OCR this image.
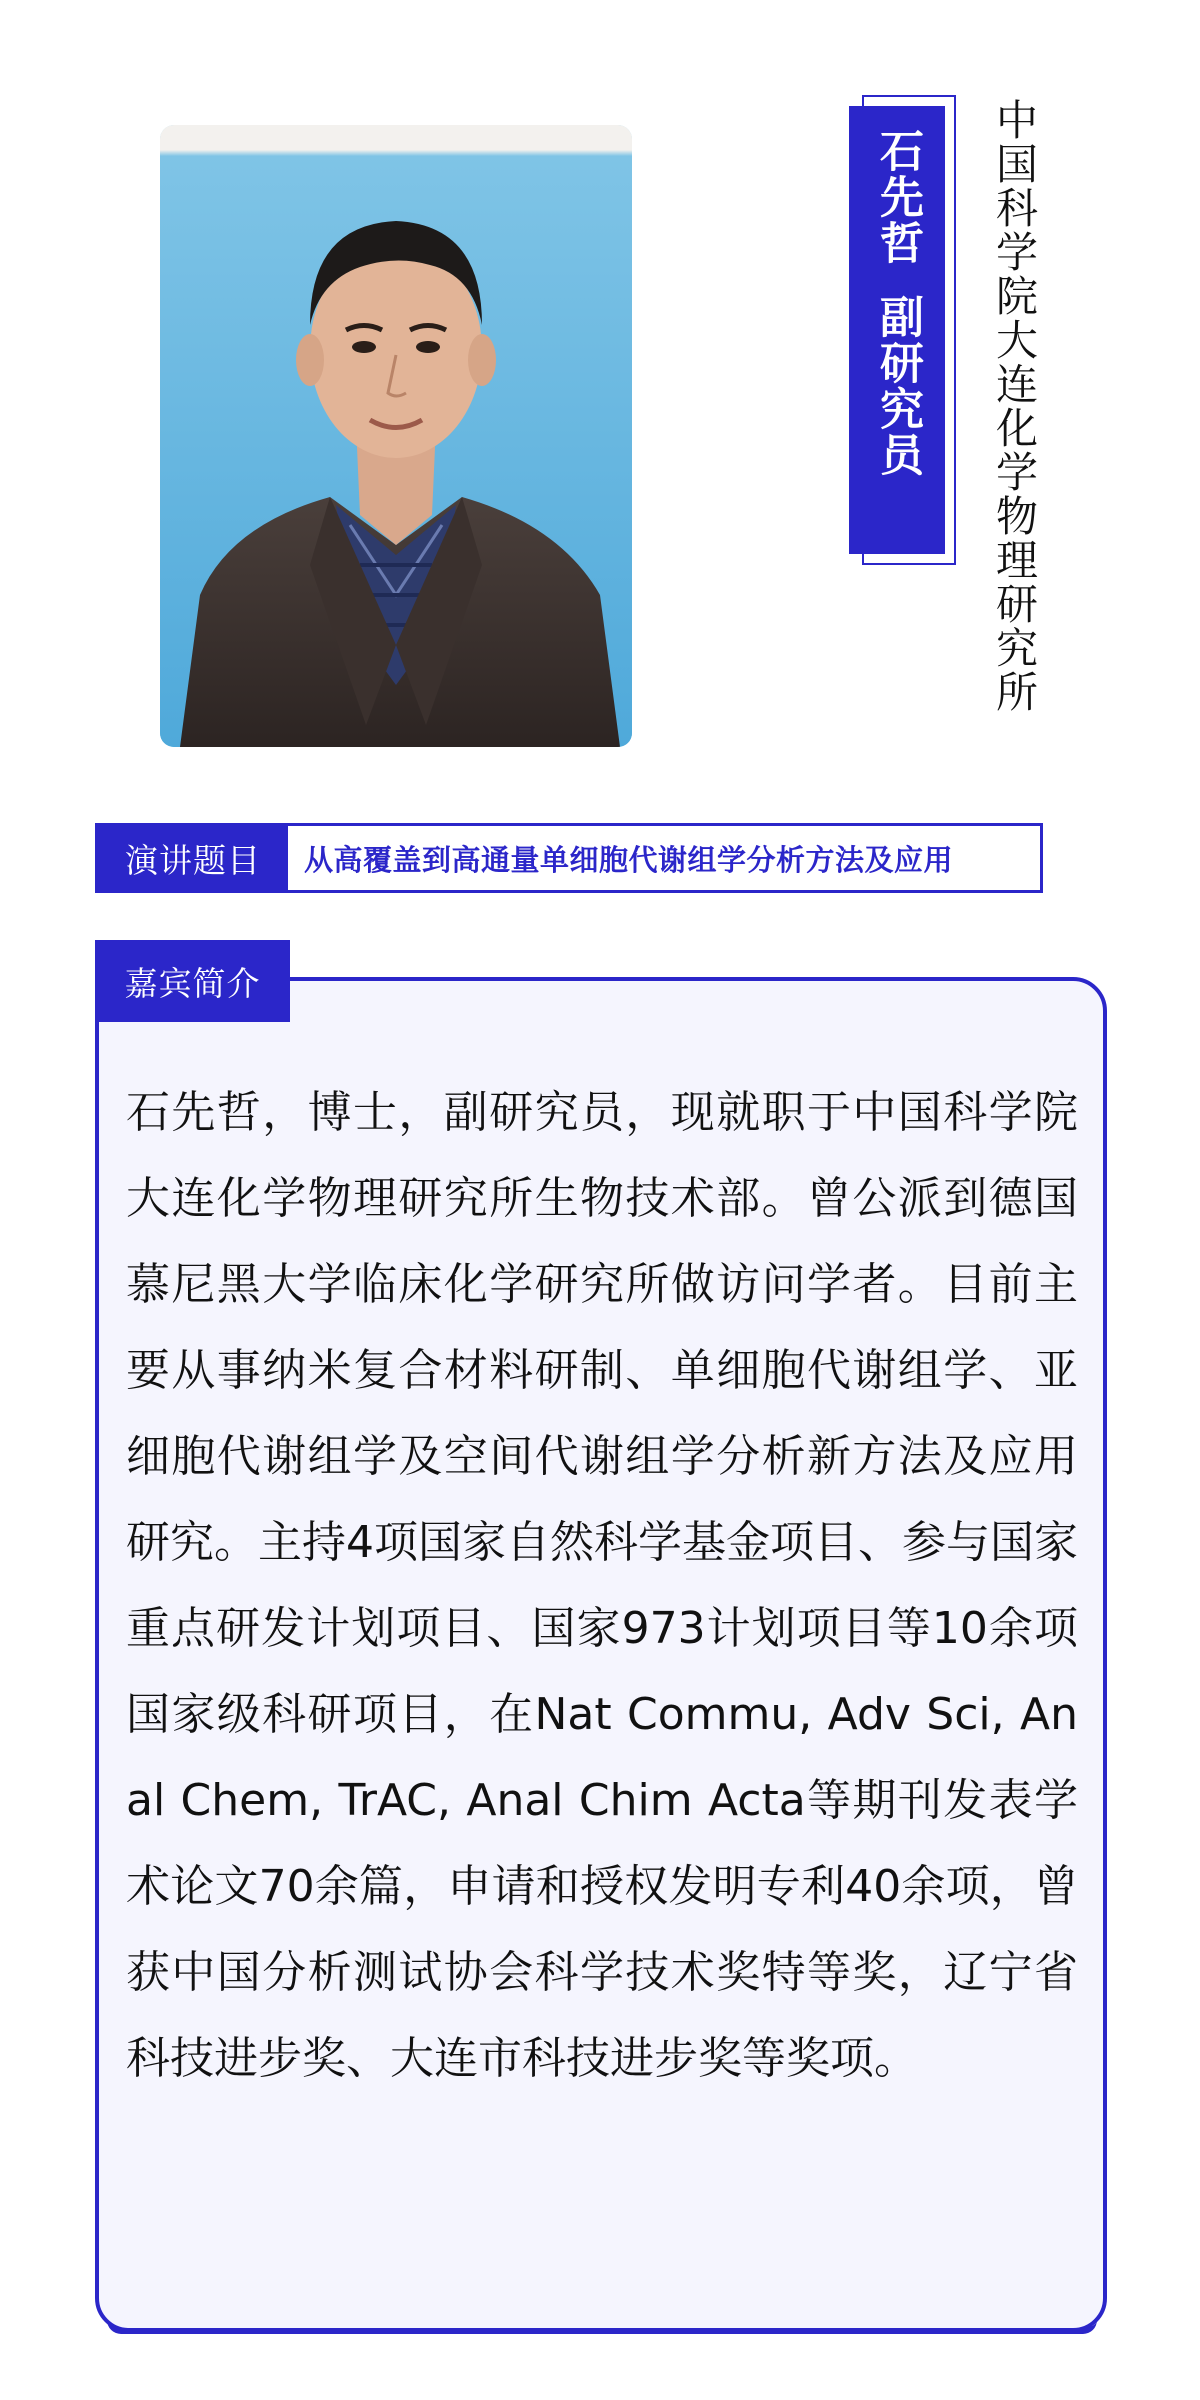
石先哲副研究员	中国科学院大连化学物理研究所
演讲题目	从高覆盖到高通量单细胞代谢组学分析方法及应用
嘉宾简介
石先哲，博士，副研究员，现就职于中国科学院大连化学物理研究所生物技术部。曾公派到德国慕尼黑大学临床化学研究所做访问学者。目前主要从事纳米复合材料研制、单细胞代谢组学、亚细胞代谢组学及空间代谢组学分析新方法及应用研究。主持4项国家自然科学基金项目、参与国家重点研发计划项目、国家973计划项目等10余项国家级科研项目，在Nat Commu, Adv Sci, Anal Chem, TrAC, Anal Chim Acta等期刊发表学术论文70余篇，申请和授权发明专利40余项，曾获中国分析测试协会科学技术奖特等奖，辽宁省科技进步奖、大连市科技进步奖等奖项。
